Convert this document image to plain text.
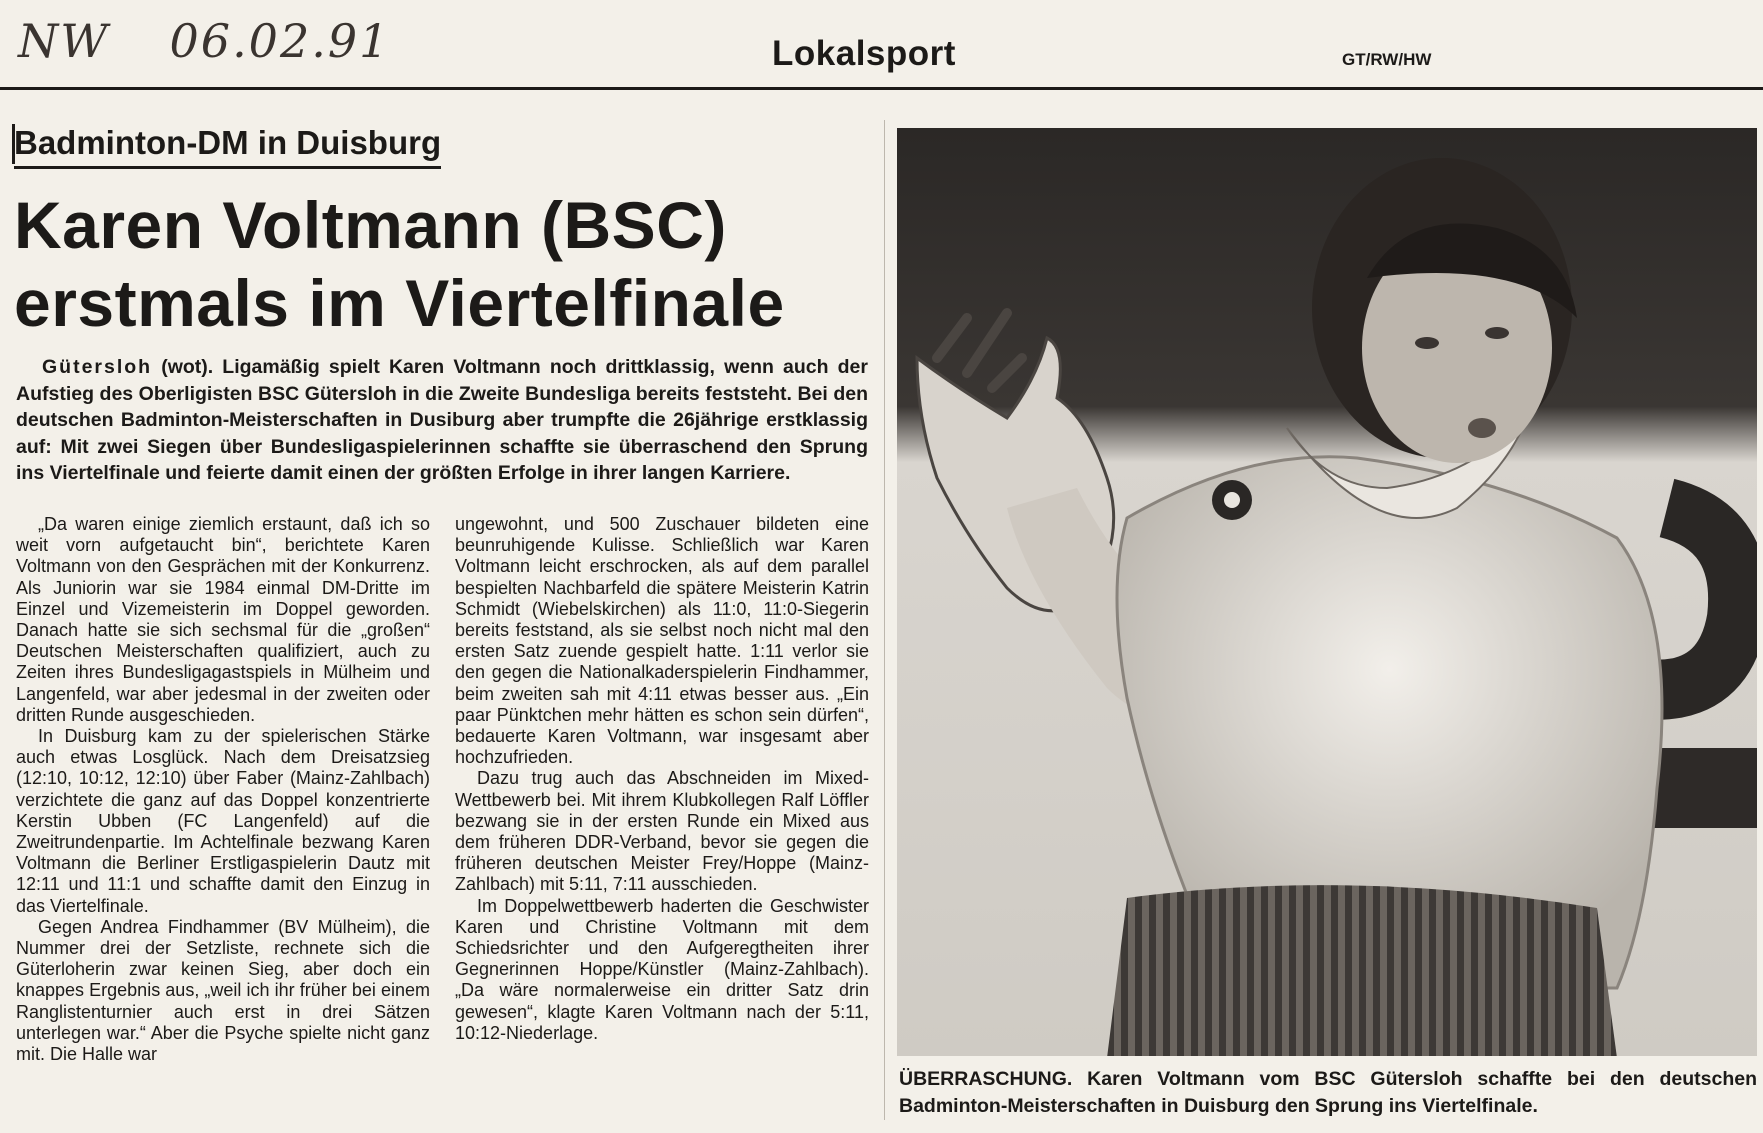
NW 06.02.91	Lokalsport	GT/RW/HW
Badminton-DM in Duisburg
Karen Voltmann (BSC)
erstmals im Viertelfinale
Gütersloh (wot). Ligamäßig spielt Karen Voltmann noch drittklassig, wenn auch der Aufstieg des Oberligisten BSC Gütersloh in die Zweite Bundesliga bereits feststeht. Bei den deutschen Badminton-Meisterschaften in Dusiburg aber trumpfte die 26jährige erstklassig auf: Mit zwei Siegen über Bundesligaspielerinnen schaffte sie überraschend den Sprung ins Viertelfinale und feierte damit einen der größten Erfolge in ihrer langen Karriere.

„Da waren einige ziemlich erstaunt, daß ich so weit vorn aufgetaucht bin“, berichtete Karen Voltmann von den Gesprächen mit der Konkurrenz. Als Juniorin war sie 1984 einmal DM-Dritte im Einzel und Vizemeisterin im Doppel geworden. Danach hatte sie sich sechsmal für die „großen“ Deutschen Meisterschaften qualifiziert, auch zu Zeiten ihres Bundesligagastspiels in Mülheim und Langenfeld, war aber jedesmal in der zweiten oder dritten Runde ausgeschieden.

In Duisburg kam zu der spielerischen Stärke auch etwas Losglück. Nach dem Dreisatzsieg (12:10, 10:12, 12:10) über Faber (Mainz-Zahlbach) verzichtete die ganz auf das Doppel konzentrierte Kerstin Ubben (FC Langenfeld) auf die Zweitrundenpartie. Im Achtelfinale bezwang Karen Voltmann die Berliner Erstligaspielerin Dautz mit 12:11 und 11:1 und schaffte damit den Einzug in das Viertelfinale.

Gegen Andrea Findhammer (BV Mülheim), die Nummer drei der Setzliste, rechnete sich die Güterloherin zwar keinen Sieg, aber doch ein knappes Ergebnis aus, „weil ich ihr früher bei einem Ranglistenturnier auch erst in drei Sätzen unterlegen war.“ Aber die Psyche spielte nicht ganz mit. Die Halle war

ungewohnt, und 500 Zuschauer bildeten eine beunruhigende Kulisse. Schließlich war Karen Voltmann leicht erschrocken, als auf dem parallel bespielten Nachbarfeld die spätere Meisterin Katrin Schmidt (Wiebelskirchen) als 11:0, 11:0-Siegerin bereits feststand, als sie selbst noch nicht mal den ersten Satz zuende gespielt hatte. 1:11 verlor sie den gegen die Nationalkaderspielerin Findhammer, beim zweiten sah mit 4:11 etwas besser aus. „Ein paar Pünktchen mehr hätten es schon sein dürfen“, bedauerte Karen Voltmann, war insgesamt aber hochzufrieden.

Dazu trug auch das Abschneiden im Mixed-Wettbewerb bei. Mit ihrem Klubkollegen Ralf Löffler bezwang sie in der ersten Runde ein Mixed aus dem früheren DDR-Verband, bevor sie gegen die früheren deutschen Meister Frey/Hoppe (Mainz-Zahlbach) mit 5:11, 7:11 ausschieden.

Im Doppelwettbewerb haderten die Geschwister Karen und Christine Voltmann mit dem Schiedsrichter und den Aufgeregtheiten ihrer Gegnerinnen Hoppe/Künstler (Mainz-Zahlbach). „Da wäre normalerweise ein dritter Satz drin gewesen“, klagte Karen Voltmann nach der 5:11, 10:12-Niederlage.

ÜBERRASCHUNG. Karen Voltmann vom BSC Gütersloh schaffte bei den deutschen Badminton-Meisterschaften in Duisburg den Sprung ins Viertelfinale.
